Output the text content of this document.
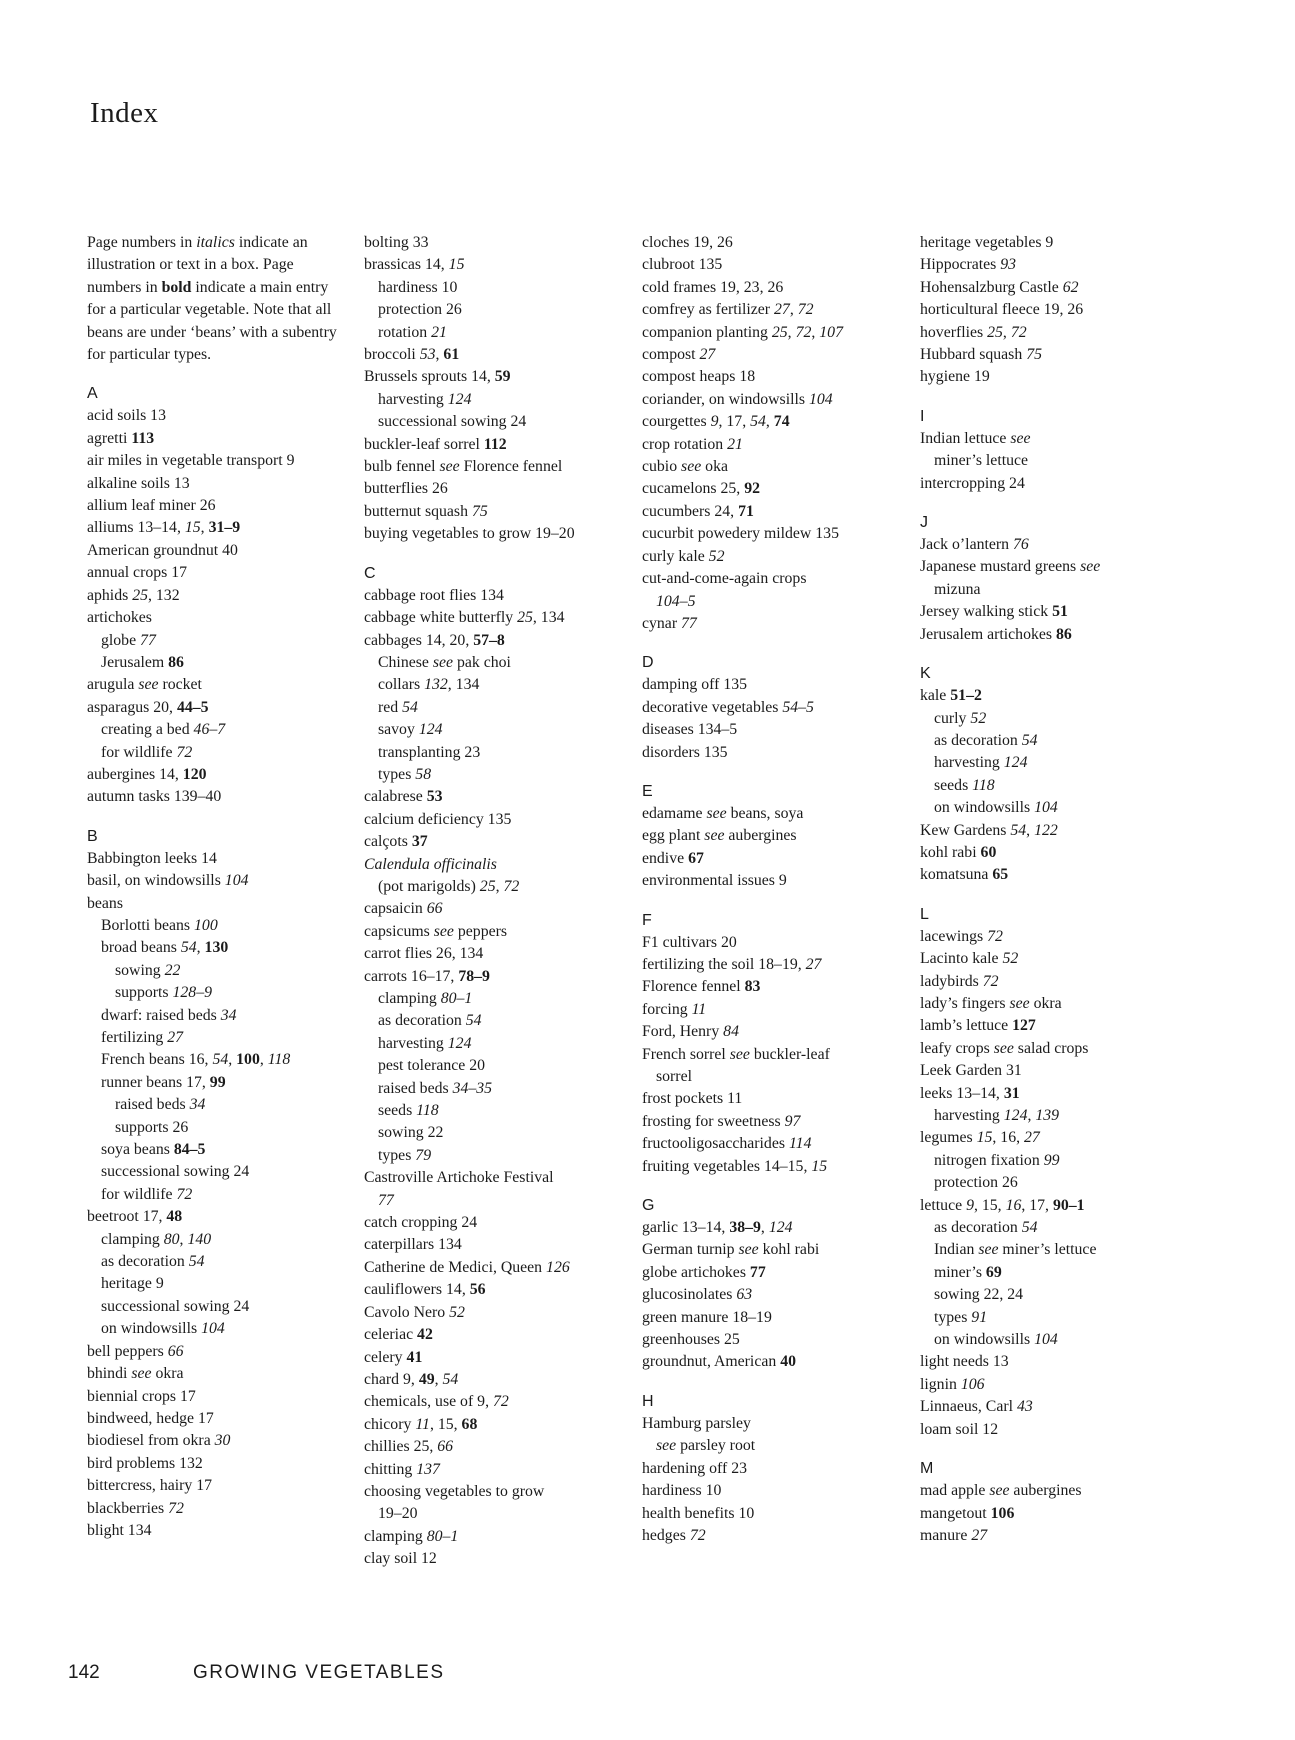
Index
Page numbers in italics indicate an illustration or text in a box. Page numbers in bold indicate a main entry for a particular vegetable. Note that all beans are under ‘beans’ with a subentry for particular types.
A
acid soils 13
agretti 113
air miles in vegetable transport 9
alkaline soils 13
allium leaf miner 26
alliums 13–14, 15, 31–9
American groundnut 40
annual crops 17
aphids 25, 132
artichokes
globe 77
Jerusalem 86
arugula see rocket
asparagus 20, 44–5
creating a bed 46–7
for wildlife 72
aubergines 14, 120
autumn tasks 139–40
B
Babbington leeks 14
basil, on windowsills 104
beans
Borlotti beans 100
broad beans 54, 130
sowing 22
supports 128–9
dwarf: raised beds 34
fertilizing 27
French beans 16, 54, 100, 118
runner beans 17, 99
raised beds 34
supports 26
soya beans 84–5
successional sowing 24
for wildlife 72
beetroot 17, 48
clamping 80, 140
as decoration 54
heritage 9
successional sowing 24
on windowsills 104
bell peppers 66
bhindi see okra
biennial crops 17
bindweed, hedge 17
biodiesel from okra 30
bird problems 132
bittercress, hairy 17
blackberries 72
blight 134
bolting 33
brassicas 14, 15
hardiness 10
protection 26
rotation 21
broccoli 53, 61
Brussels sprouts 14, 59
harvesting 124
successional sowing 24
buckler-leaf sorrel 112
bulb fennel see Florence fennel
butterflies 26
butternut squash 75
buying vegetables to grow 19–20
C
cabbage root flies 134
cabbage white butterfly 25, 134
cabbages 14, 20, 57–8
Chinese see pak choi
collars 132, 134
red 54
savoy 124
transplanting 23
types 58
calabrese 53
calcium deficiency 135
calçots 37
Calendula officinalis
(pot marigolds) 25, 72
capsaicin 66
capsicums see peppers
carrot flies 26, 134
carrots 16–17, 78–9
clamping 80–1
as decoration 54
harvesting 124
pest tolerance 20
raised beds 34–35
seeds 118
sowing 22
types 79
Castroville Artichoke Festival
77
catch cropping 24
caterpillars 134
Catherine de Medici, Queen 126
cauliflowers 14, 56
Cavolo Nero 52
celeriac 42
celery 41
chard 9, 49, 54
chemicals, use of 9, 72
chicory 11, 15, 68
chillies 25, 66
chitting 137
choosing vegetables to grow
19–20
clamping 80–1
clay soil 12
cloches 19, 26
clubroot 135
cold frames 19, 23, 26
comfrey as fertilizer 27, 72
companion planting 25, 72, 107
compost 27
compost heaps 18
coriander, on windowsills 104
courgettes 9, 17, 54, 74
crop rotation 21
cubio see oka
cucamelons 25, 92
cucumbers 24, 71
cucurbit powedery mildew 135
curly kale 52
cut-and-come-again crops
104–5
cynar 77
D
damping off 135
decorative vegetables 54–5
diseases 134–5
disorders 135
E
edamame see beans, soya
egg plant see aubergines
endive 67
environmental issues 9
F
F1 cultivars 20
fertilizing the soil 18–19, 27
Florence fennel 83
forcing 11
Ford, Henry 84
French sorrel see buckler-leaf
sorrel
frost pockets 11
frosting for sweetness 97
fructooligosaccharides 114
fruiting vegetables 14–15, 15
G
garlic 13–14, 38–9, 124
German turnip see kohl rabi
globe artichokes 77
glucosinolates 63
green manure 18–19
greenhouses 25
groundnut, American 40
H
Hamburg parsley
see parsley root
hardening off 23
hardiness 10
health benefits 10
hedges 72
heritage vegetables 9
Hippocrates 93
Hohensalzburg Castle 62
horticultural fleece 19, 26
hoverflies 25, 72
Hubbard squash 75
hygiene 19
I
Indian lettuce see
miner’s lettuce
intercropping 24
J
Jack o’lantern 76
Japanese mustard greens see
mizuna
Jersey walking stick 51
Jerusalem artichokes 86
K
kale 51–2
curly 52
as decoration 54
harvesting 124
seeds 118
on windowsills 104
Kew Gardens 54, 122
kohl rabi 60
komatsuna 65
L
lacewings 72
Lacinto kale 52
ladybirds 72
lady’s fingers see okra
lamb’s lettuce 127
leafy crops see salad crops
Leek Garden 31
leeks 13–14, 31
harvesting 124, 139
legumes 15, 16, 27
nitrogen fixation 99
protection 26
lettuce 9, 15, 16, 17, 90–1
as decoration 54
Indian see miner’s lettuce
miner’s 69
sowing 22, 24
types 91
on windowsills 104
light needs 13
lignin 106
Linnaeus, Carl 43
loam soil 12
M
mad apple see aubergines
mangetout 106
manure 27
142	GROWING VEGETABLES
